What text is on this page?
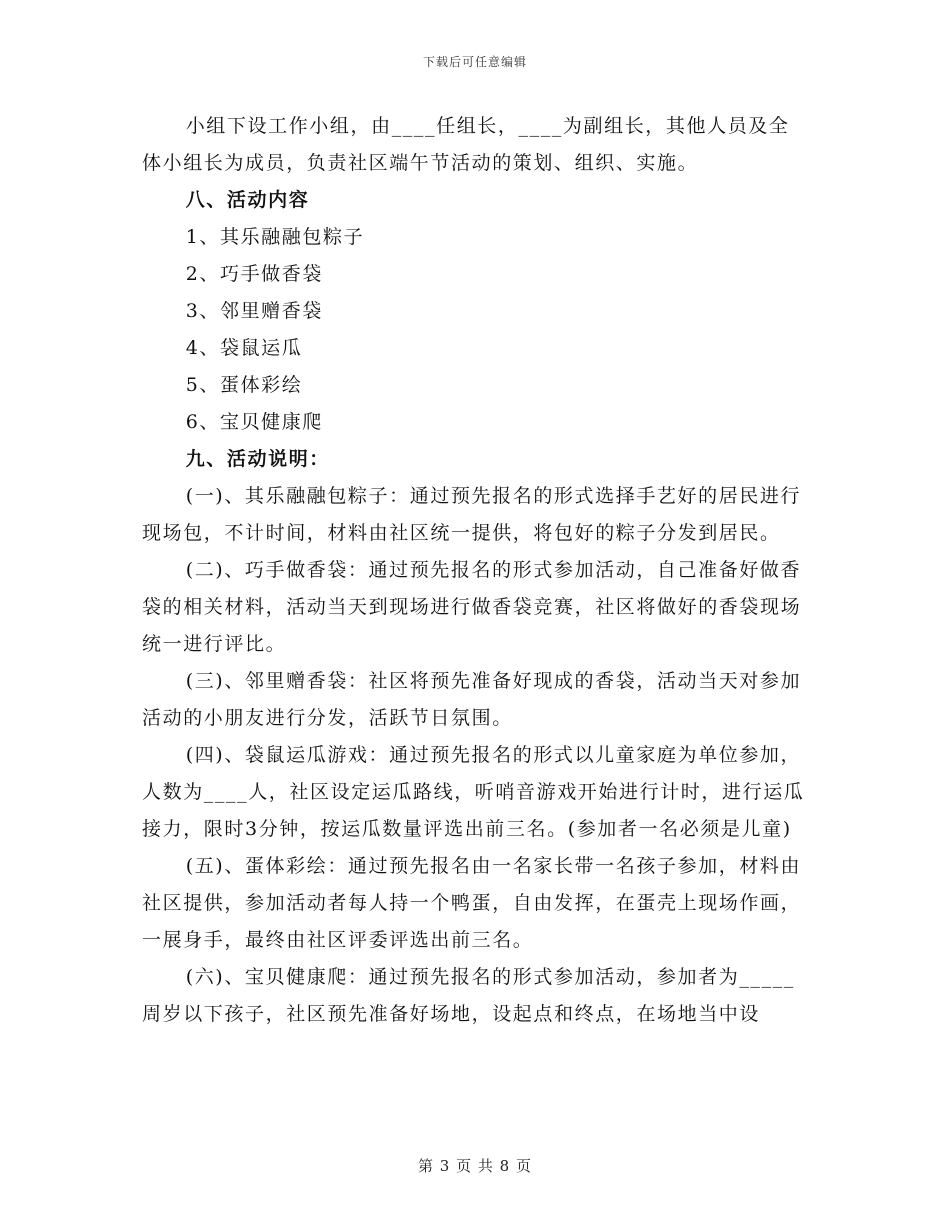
下载后可任意编辑

小组下设工作小组，由____任组长，____为副组长，其他人员及全体小组长为成员，负责社区端午节活动的策划、组织、实施。

八、活动内容

1、其乐融融包粽子

2、巧手做香袋

3、邻里赠香袋

4、袋鼠运瓜

5、蛋体彩绘

6、宝贝健康爬

九、活动说明：

(一)、其乐融融包粽子：通过预先报名的形式选择手艺好的居民进行现场包，不计时间，材料由社区统一提供，将包好的粽子分发到居民。

(二)、巧手做香袋：通过预先报名的形式参加活动，自己准备好做香袋的相关材料，活动当天到现场进行做香袋竞赛，社区将做好的香袋现场统一进行评比。

(三)、邻里赠香袋：社区将预先准备好现成的香袋，活动当天对参加活动的小朋友进行分发，活跃节日氛围。

(四)、袋鼠运瓜游戏：通过预先报名的形式以儿童家庭为单位参加，人数为____人，社区设定运瓜路线，听哨音游戏开始进行计时，进行运瓜接力，限时3分钟，按运瓜数量评选出前三名。(参加者一名必须是儿童)

(五)、蛋体彩绘：通过预先报名由一名家长带一名孩子参加，材料由社区提供，参加活动者每人持一个鸭蛋，自由发挥，在蛋壳上现场作画，一展身手，最终由社区评委评选出前三名。

(六)、宝贝健康爬：通过预先报名的形式参加活动，参加者为_____周岁以下孩子，社区预先准备好场地，设起点和终点，在场地当中设

第 3 页 共 8 页
